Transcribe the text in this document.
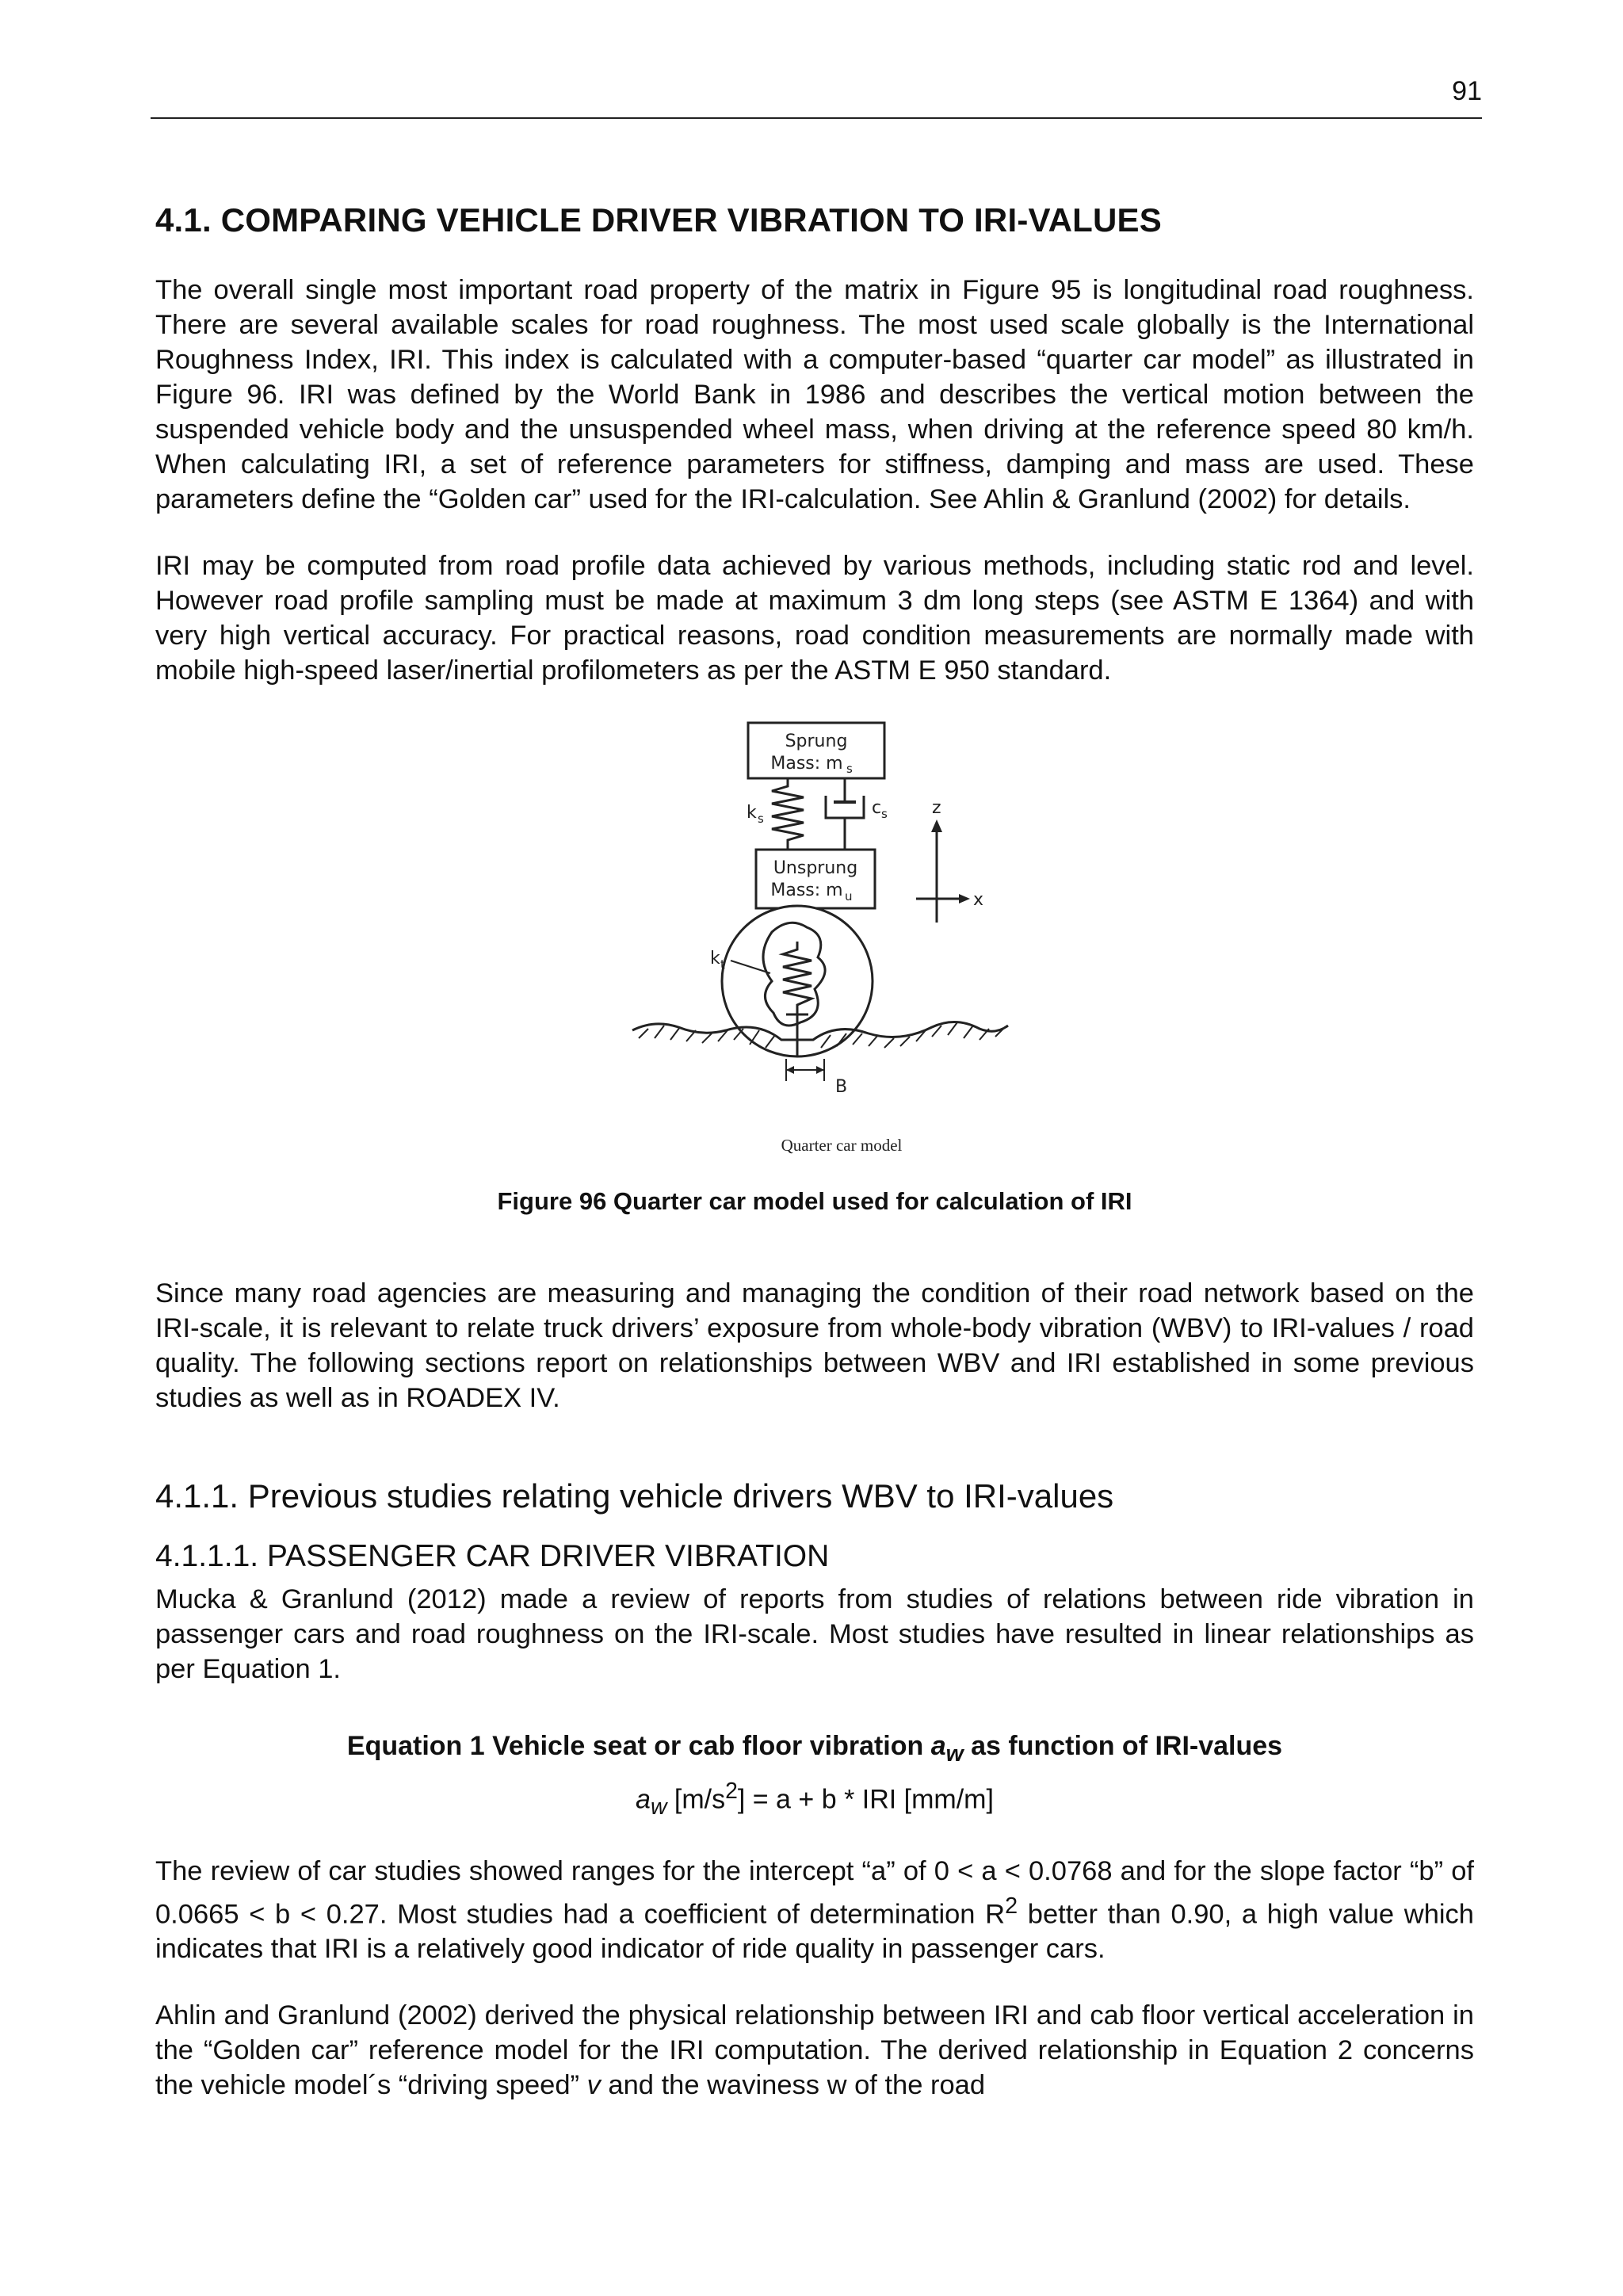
91
4.1. COMPARING VEHICLE DRIVER VIBRATION TO IRI-VALUES

The overall single most important road property of the matrix in Figure 95 is longitudinal road roughness. There are several available scales for road roughness. The most used scale globally is the International Roughness Index, IRI. This index is calculated with a computer-based “quarter car model” as illustrated in Figure 96. IRI was defined by the World Bank in 1986 and describes the vertical motion between the suspended vehicle body and the unsuspended wheel mass, when driving at the reference speed 80 km/h. When calculating IRI, a set of reference parameters for stiffness, damping and mass are used. These parameters define the “Golden car” used for the IRI-calculation. See Ahlin & Granlund (2002) for details.

IRI may be computed from road profile data achieved by various methods, including static rod and level. However road profile sampling must be made at maximum 3 dm long steps (see ASTM E 1364) and with very high vertical accuracy. For practical reasons, road condition measurements are normally made with mobile high-speed laser/inertial profilometers as per the ASTM E 950 standard.

Sprung
Mass: m s
k s
c s
Unsprung
Mass: m u
k t
B
z
x
Quarter car model
Figure 96 Quarter car model used for calculation of IRI

Since many road agencies are measuring and managing the condition of their road network based on the IRI-scale, it is relevant to relate truck drivers’ exposure from whole-body vibration (WBV) to IRI-values / road quality. The following sections report on relationships between WBV and IRI established in some previous studies as well as in ROADEX IV.

4.1.1. Previous studies relating vehicle drivers WBV to IRI-values
4.1.1.1. PASSENGER CAR DRIVER VIBRATION

Mucka & Granlund (2012) made a review of reports from studies of relations between ride vibration in passenger cars and road roughness on the IRI-scale. Most studies have resulted in linear relationships as per Equation 1.

Equation 1 Vehicle seat or cab floor vibration $a_w$ as function of IRI-values
$a_w$ $[m/s^2] = a + b$ * IRI [mm/m]

The review of car studies showed ranges for the intercept “a” of 0 < a < 0.0768 and for the slope factor “b” of 0.0665 < b < 0.27. Most studies had a coefficient of determination $R^2$ better than 0.90, a high value which indicates that IRI is a relatively good indicator of ride quality in passenger cars.

Ahlin and Granlund (2002) derived the physical relationship between IRI and cab floor vertical acceleration in the “Golden car” reference model for the IRI computation. The derived relationship in Equation 2 concerns the vehicle model´s “driving speed” v and the waviness w of the road
